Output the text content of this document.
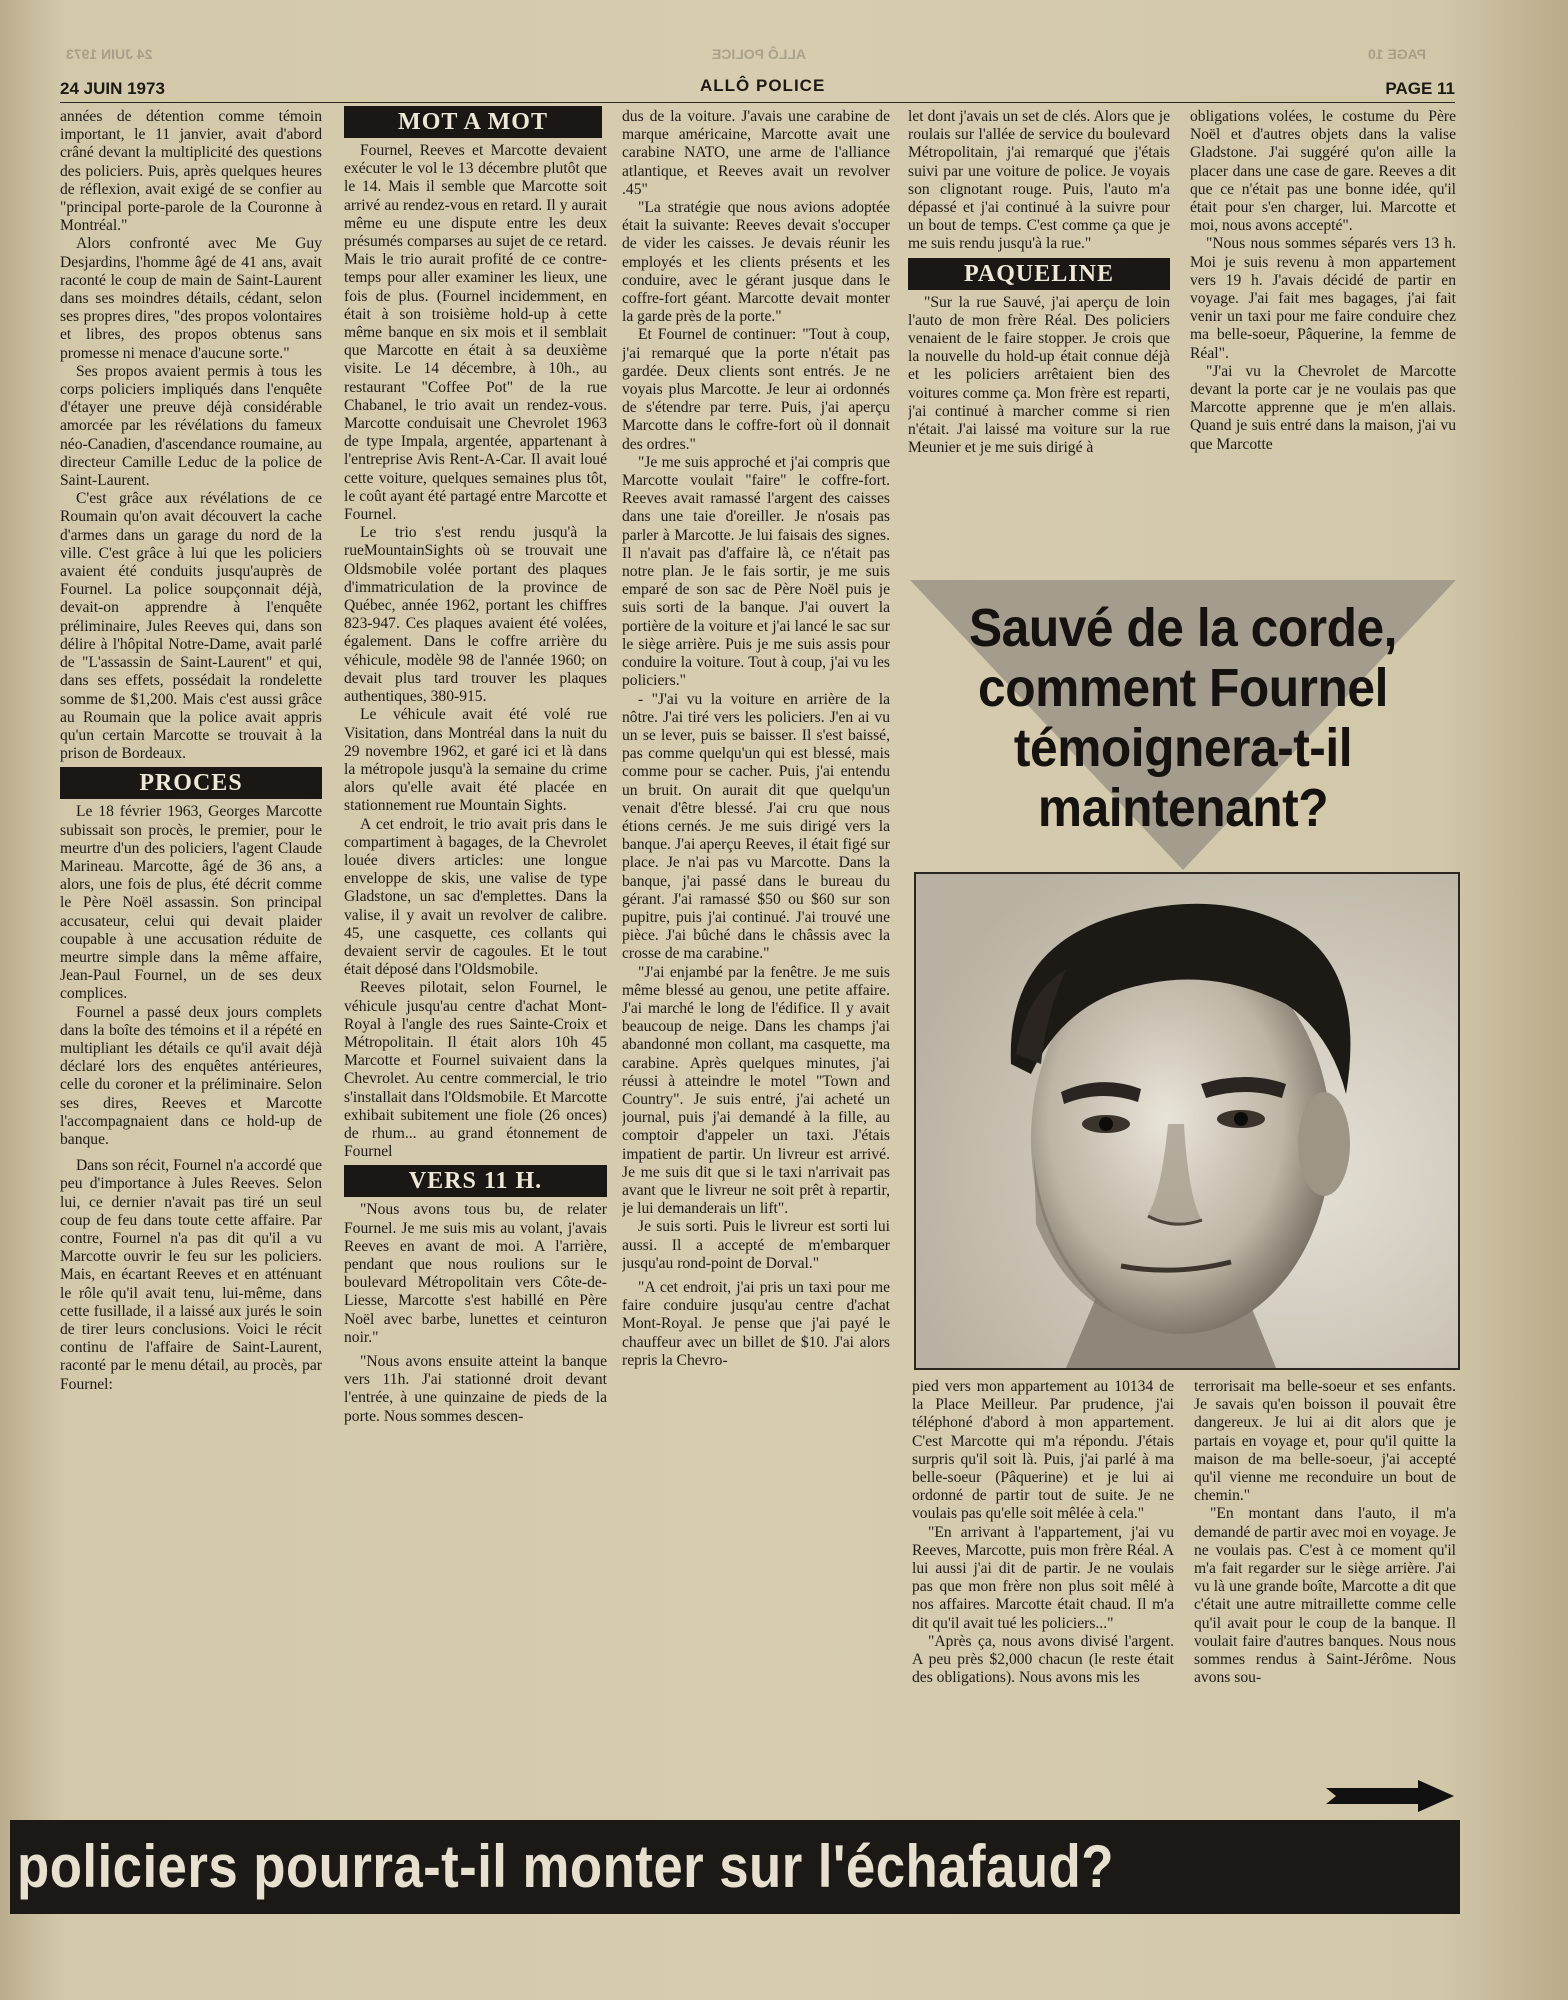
PAGE 10
ALLÔ POLICE
24 JUIN 1973
24 JUIN 1973	ALLÔ POLICE	PAGE 11

années de détention comme témoin important, le 11 janvier, avait d'abord crâné devant la multiplicité des questions des policiers. Puis, après quelques heures de réflexion, avait exigé de se confier au "principal porte-parole de la Couronne à Montréal."

Alors confronté avec Me Guy Desjardins, l'homme âgé de 41 ans, avait raconté le coup de main de Saint-Laurent dans ses moindres détails, cédant, selon ses propres dires, "des propos volontaires et libres, des propos obtenus sans promesse ni menace d'aucune sorte."

Ses propos avaient permis à tous les corps policiers impliqués dans l'enquête d'étayer une preuve déjà considérable amorcée par les révélations du fameux néo-Canadien, d'ascendance roumaine, au directeur Camille Leduc de la police de Saint-Laurent.

C'est grâce aux révélations de ce Roumain qu'on avait découvert la cache d'armes dans un garage du nord de la ville. C'est grâce à lui que les policiers avaient été conduits jusqu'auprès de Fournel. La police soupçonnait déjà, devait-on apprendre à l'enquête préliminaire, Jules Reeves qui, dans son délire à l'hôpital Notre-Dame, avait parlé de "L'assassin de Saint-Laurent" et qui, dans ses effets, possédait la rondelette somme de $1,200. Mais c'est aussi grâce au Roumain que la police avait appris qu'un certain Marcotte se trouvait à la prison de Bordeaux.

PROCES

Le 18 février 1963, Georges Marcotte subissait son procès, le premier, pour le meurtre d'un des policiers, l'agent Claude Marineau. Marcotte, âgé de 36 ans, a alors, une fois de plus, été décrit comme le Père Noël assassin. Son principal accusateur, celui qui devait plaider coupable à une accusation réduite de meurtre simple dans la même affaire, Jean-Paul Fournel, un de ses deux complices.

Fournel a passé deux jours complets dans la boîte des témoins et il a répété en multipliant les détails ce qu'il avait déjà déclaré lors des enquêtes antérieures, celle du coroner et la préliminaire. Selon ses dires, Reeves et Marcotte l'accompagnaient dans ce hold-up de banque.

Dans son récit, Fournel n'a accordé que peu d'importance à Jules Reeves. Selon lui, ce dernier n'avait pas tiré un seul coup de feu dans toute cette affaire. Par contre, Fournel n'a pas dit qu'il a vu Marcotte ouvrir le feu sur les policiers. Mais, en écartant Reeves et en atténuant le rôle qu'il avait tenu, lui-même, dans cette fusillade, il a laissé aux jurés le soin de tirer leurs conclusions. Voici le récit continu de l'affaire de Saint-Laurent, raconté par le menu détail, au procès, par Fournel:

MOT A MOT

Fournel, Reeves et Marcotte devaient exécuter le vol le 13 décembre plutôt que le 14. Mais il semble que Marcotte soit arrivé au rendez-vous en retard. Il y aurait même eu une dispute entre les deux présumés comparses au sujet de ce retard. Mais le trio aurait profité de ce contre-temps pour aller examiner les lieux, une fois de plus. (Fournel incidemment, en était à son troisième hold-up à cette même banque en six mois et il semblait que Marcotte en était à sa deuxième visite. Le 14 décembre, à 10h., au restaurant "Coffee Pot" de la rue Chabanel, le trio avait un rendez-vous. Marcotte conduisait une Chevrolet 1963 de type Impala, argentée, appartenant à l'entreprise Avis Rent-A-Car. Il avait loué cette voiture, quelques semaines plus tôt, le coût ayant été partagé entre Marcotte et Fournel.

Le trio s'est rendu jusqu'à la rueMountainSights où se trouvait une Oldsmobile volée portant des plaques d'immatriculation de la province de Québec, année 1962, portant les chiffres 823-947. Ces plaques avaient été volées, également. Dans le coffre arrière du véhicule, modèle 98 de l'année 1960; on devait plus tard trouver les plaques authentiques, 380-915.

Le véhicule avait été volé rue Visitation, dans Montréal dans la nuit du 29 novembre 1962, et garé ici et là dans la métropole jusqu'à la semaine du crime alors qu'elle avait été placée en stationnement rue Mountain Sights.

A cet endroit, le trio avait pris dans le compartiment à bagages, de la Chevrolet louée divers articles: une longue enveloppe de skis, une valise de type Gladstone, un sac d'emplettes. Dans la valise, il y avait un revolver de calibre. 45, une casquette, ces collants qui devaient servir de cagoules. Et le tout était déposé dans l'Oldsmobile.

Reeves pilotait, selon Fournel, le véhicule jusqu'au centre d'achat Mont-Royal à l'angle des rues Sainte-Croix et Métropolitain. Il était alors 10h 45 Marcotte et Fournel suivaient dans la Chevrolet. Au centre commercial, le trio s'installait dans l'Oldsmobile. Et Marcotte exhibait subitement une fiole (26 onces) de rhum... au grand étonnement de Fournel

VERS 11 H.

"Nous avons tous bu, de relater Fournel. Je me suis mis au volant, j'avais Reeves en avant de moi. A l'arrière, pendant que nous roulions sur le boulevard Métropolitain vers Côte-de-Liesse, Marcotte s'est habillé en Père Noël avec barbe, lunettes et ceinturon noir."

"Nous avons ensuite atteint la banque vers 11h. J'ai stationné droit devant l'entrée, à une quinzaine de pieds de la porte. Nous sommes descen-

dus de la voiture. J'avais une carabine de marque américaine, Marcotte avait une carabine NATO, une arme de l'alliance atlantique, et Reeves avait un revolver .45"

"La stratégie que nous avions adoptée était la suivante: Reeves devait s'occuper de vider les caisses. Je devais réunir les employés et les clients présents et les conduire, avec le gérant jusque dans le coffre-fort géant. Marcotte devait monter la garde près de la porte."

Et Fournel de continuer: "Tout à coup, j'ai remarqué que la porte n'était pas gardée. Deux clients sont entrés. Je ne voyais plus Marcotte. Je leur ai ordonnés de s'étendre par terre. Puis, j'ai aperçu Marcotte dans le coffre-fort où il donnait des ordres."

"Je me suis approché et j'ai compris que Marcotte voulait "faire" le coffre-fort. Reeves avait ramassé l'argent des caisses dans une taie d'oreiller. Je n'osais pas parler à Marcotte. Je lui faisais des signes. Il n'avait pas d'affaire là, ce n'était pas notre plan. Je le fais sortir, je me suis emparé de son sac de Père Noël puis je suis sorti de la banque. J'ai ouvert la portière de la voiture et j'ai lancé le sac sur le siège arrière. Puis je me suis assis pour conduire la voiture. Tout à coup, j'ai vu les policiers."

- "J'ai vu la voiture en arrière de la nôtre. J'ai tiré vers les policiers. J'en ai vu un se lever, puis se baisser. Il s'est baissé, pas comme quelqu'un qui est blessé, mais comme pour se cacher. Puis, j'ai entendu un bruit. On aurait dit que quelqu'un venait d'être blessé. J'ai cru que nous étions cernés. Je me suis dirigé vers la banque. J'ai aperçu Reeves, il était figé sur place. Je n'ai pas vu Marcotte. Dans la banque, j'ai passé dans le bureau du gérant. J'ai ramassé $50 ou $60 sur son pupitre, puis j'ai continué. J'ai trouvé une pièce. J'ai bûché dans le châssis avec la crosse de ma carabine."

"J'ai enjambé par la fenêtre. Je me suis même blessé au genou, une petite affaire. J'ai marché le long de l'édifice. Il y avait beaucoup de neige. Dans les champs j'ai abandonné mon collant, ma casquette, ma carabine. Après quelques minutes, j'ai réussi à atteindre le motel "Town and Country". Je suis entré, j'ai acheté un journal, puis j'ai demandé à la fille, au comptoir d'appeler un taxi. J'étais impatient de partir. Un livreur est arrivé. Je me suis dit que si le taxi n'arrivait pas avant que le livreur ne soit prêt à repartir, je lui demanderais un lift".

Je suis sorti. Puis le livreur est sorti lui aussi. Il a accepté de m'embarquer jusqu'au rond-point de Dorval."

"A cet endroit, j'ai pris un taxi pour me faire conduire jusqu'au centre d'achat Mont-Royal. Je pense que j'ai payé le chauffeur avec un billet de $10. J'ai alors repris la Chevro-

let dont j'avais un set de clés. Alors que je roulais sur l'allée de service du boulevard Métropolitain, j'ai remarqué que j'étais suivi par une voiture de police. Je voyais son clignotant rouge. Puis, l'auto m'a dépassé et j'ai continué à la suivre pour un bout de temps. C'est comme ça que je me suis rendu jusqu'à la rue."

PAQUELINE

"Sur la rue Sauvé, j'ai aperçu de loin l'auto de mon frère Réal. Des policiers venaient de le faire stopper. Je crois que la nouvelle du hold-up était connue déjà et les policiers arrêtaient bien des voitures comme ça. Mon frère est reparti, j'ai continué à marcher comme si rien n'était. J'ai laissé ma voiture sur la rue Meunier et je me suis dirigé à

obligations volées, le costume du Père Noël et d'autres objets dans la valise Gladstone. J'ai suggéré qu'on aille la placer dans une case de gare. Reeves a dit que ce n'était pas une bonne idée, qu'il était pour s'en charger, lui. Marcotte et moi, nous avons accepté".

"Nous nous sommes séparés vers 13 h. Moi je suis revenu à mon appartement vers 19 h. J'avais décidé de partir en voyage. J'ai fait mes bagages, j'ai fait venir un taxi pour me faire conduire chez ma belle-soeur, Pâquerine, la femme de Réal".

"J'ai vu la Chevrolet de Marcotte devant la porte car je ne voulais pas que Marcotte apprenne que je m'en allais. Quand je suis entré dans la maison, j'ai vu que Marcotte

Sauvé de la corde,
comment Fournel
témoignera-t-il
maintenant?

pied vers mon appartement au 10134 de la Place Meilleur. Par prudence, j'ai téléphoné d'abord à mon appartement. C'est Marcotte qui m'a répondu. J'étais surpris qu'il soit là. Puis, j'ai parlé à ma belle-soeur (Pâquerine) et je lui ai ordonné de partir tout de suite. Je ne voulais pas qu'elle soit mêlée à cela."

"En arrivant à l'appartement, j'ai vu Reeves, Marcotte, puis mon frère Réal. A lui aussi j'ai dit de partir. Je ne voulais pas que mon frère non plus soit mêlé à nos affaires. Marcotte était chaud. Il m'a dit qu'il avait tué les policiers..."

"Après ça, nous avons divisé l'argent. A peu près $2,000 chacun (le reste était des obligations). Nous avons mis les

terrorisait ma belle-soeur et ses enfants. Je savais qu'en boisson il pouvait être dangereux. Je lui ai dit alors que je partais en voyage et, pour qu'il quitte la maison de ma belle-soeur, j'ai accepté qu'il vienne me reconduire un bout de chemin."

"En montant dans l'auto, il m'a demandé de partir avec moi en voyage. Je ne voulais pas. C'est à ce moment qu'il m'a fait regarder sur le siège arrière. J'ai vu là une grande boîte, Marcotte a dit que c'était une autre mitraillette comme celle qu'il avait pour le coup de la banque. Il voulait faire d'autres banques. Nous nous sommes rendus à Saint-Jérôme. Nous avons sou-

policiers pourra-t-il monter sur l'échafaud?
